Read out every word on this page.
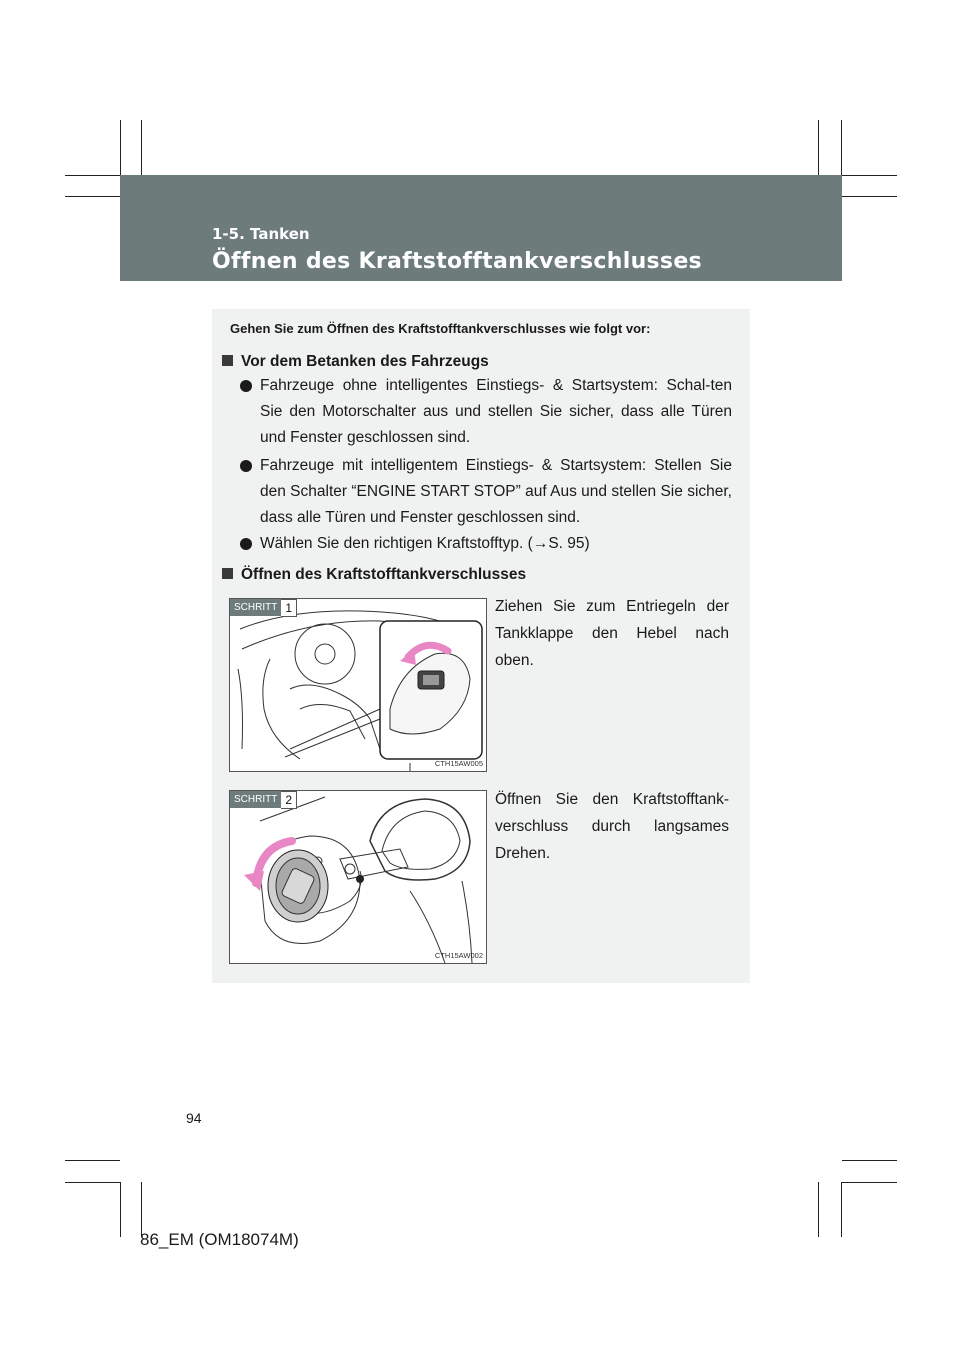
1-5. Tanken
Öffnen des Kraftstofftankverschlusses
Gehen Sie zum Öffnen des Kraftstofftankverschlusses wie folgt vor:
Vor dem Betanken des Fahrzeugs
Fahrzeuge ohne intelligentes Einstiegs- & Startsystem: Schal-ten Sie den Motorschalter aus und stellen Sie sicher, dass alle Türen und Fenster geschlossen sind.
Fahrzeuge mit intelligentem Einstiegs- & Startsystem: Stellen Sie den Schalter “ENGINE START STOP” auf Aus und stellen Sie sicher, dass alle Türen und Fenster geschlossen sind.
Wählen Sie den richtigen Kraftstofftyp. (→S. 95)
Öffnen des Kraftstofftankverschlusses
SCHRITT 1
CTH15AW005
Ziehen Sie zum Entriegeln der Tankklappe den Hebel nach oben.
SCHRITT 2
CTH15AW002
Öffnen Sie den Kraftstofftank-verschluss durch langsames Drehen.
94
86_EM (OM18074M)
